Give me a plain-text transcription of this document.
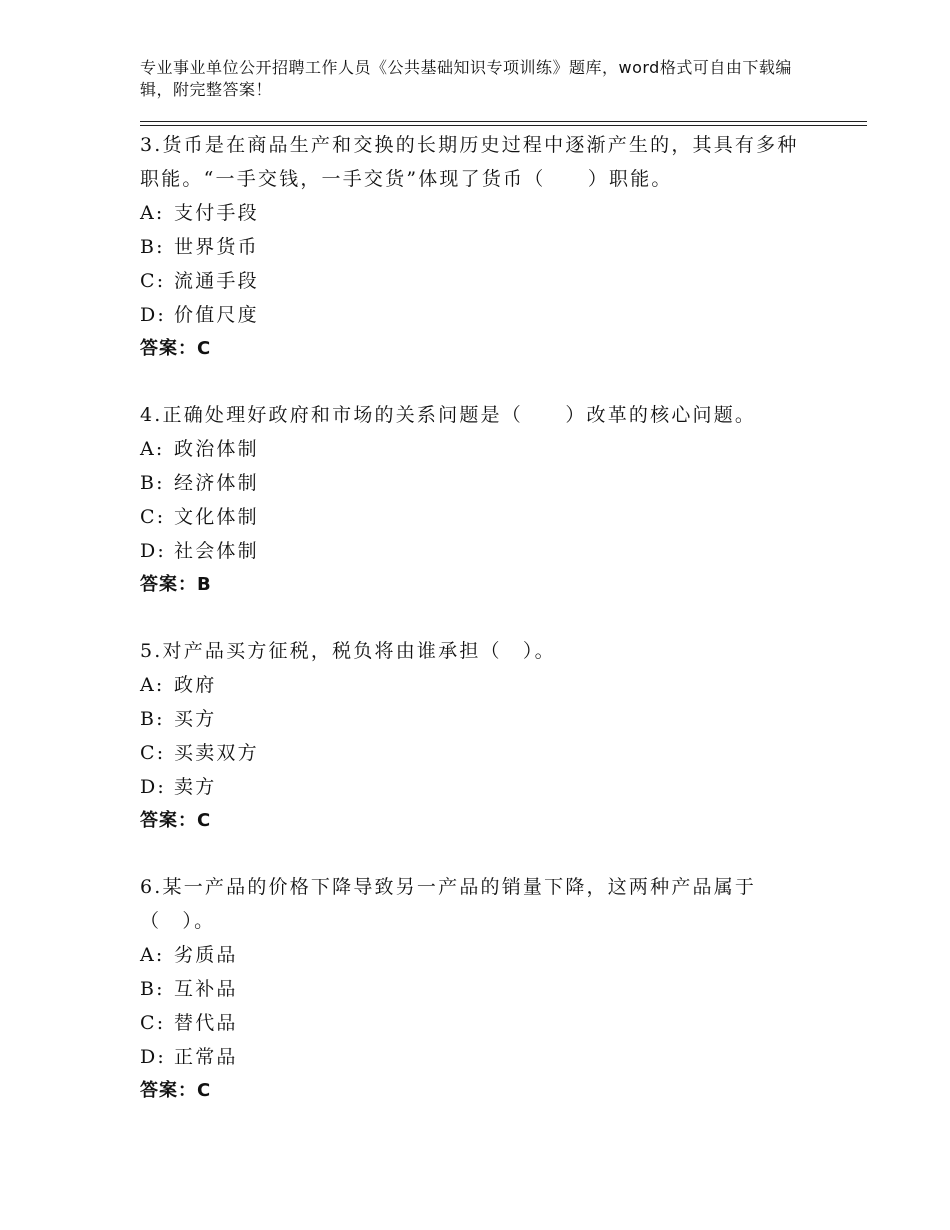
专业事业单位公开招聘工作人员《公共基础知识专项训练》题库，word格式可自由下载编辑，附完整答案！

3.货币是在商品生产和交换的长期历史过程中逐渐产生的，其具有多种职能。“一手交钱，一手交货”体现了货币（　　）职能。

A: 支付手段
B: 世界货币
C: 流通手段
D: 价值尺度
答案：C

4.正确处理好政府和市场的关系问题是（　　）改革的核心问题。

A: 政治体制
B: 经济体制
C: 文化体制
D: 社会体制
答案：B

5.对产品买方征税，税负将由谁承担（　）。

A: 政府
B: 买方
C: 买卖双方
D: 卖方
答案：C

6.某一产品的价格下降导致另一产品的销量下降，这两种产品属于（　）。

A: 劣质品
B: 互补品
C: 替代品
D: 正常品
答案：C
